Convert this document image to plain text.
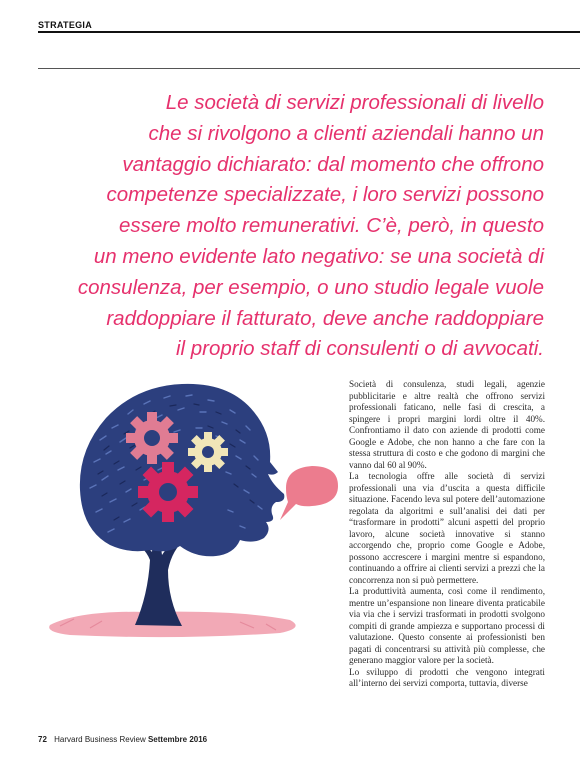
STRATEGIA
Le società di servizi professionali di livello
che si rivolgono a clienti aziendali hanno un
vantaggio dichiarato: dal momento che offrono
competenze specializzate, i loro servizi possono
essere molto remunerativi. C’è, però, in questo
un meno evidente lato negativo: se una società di
consulenza, per esempio, o uno studio legale vuole
raddoppiare il fatturato, deve anche raddoppiare
il proprio staff di consulenti o di avvocati.

Società di consulenza, studi legali, agenzie pubblicitarie e altre realtà che offrono servizi professionali faticano, nelle fasi di crescita, a spingere i propri margini lordi oltre il 40%. Confrontiamo il dato con aziende di prodotti come Google e Adobe, che non hanno a che fare con la stessa struttura di costo e che godono di margini che vanno dal 60 al 90%.

La tecnologia offre alle società di servizi professionali una via d’uscita a questa difficile situazione. Facendo leva sul potere dell’automazione regolata da algoritmi e sull’analisi dei dati per “trasformare in prodotti” alcuni aspetti del proprio lavoro, alcune società innovative si stanno accorgendo che, proprio come Google e Adobe, possono accrescere i margini mentre si espandono, continuando a offrire ai clienti servizi a prezzi che la concorrenza non si può permettere.

La produttività aumenta, così come il rendimento, mentre un’espansione non lineare diventa praticabile via via che i servizi trasformati in prodotti svolgono compiti di grande ampiezza e supportano processi di valutazione. Questo consente ai professionisti ben pagati di concentrarsi su attività più complesse, che generano maggior valore per la società.

Lo sviluppo di prodotti che vengono integrati all’interno dei servizi comporta, tuttavia, diverse

72 Harvard Business Review Settembre 2016
